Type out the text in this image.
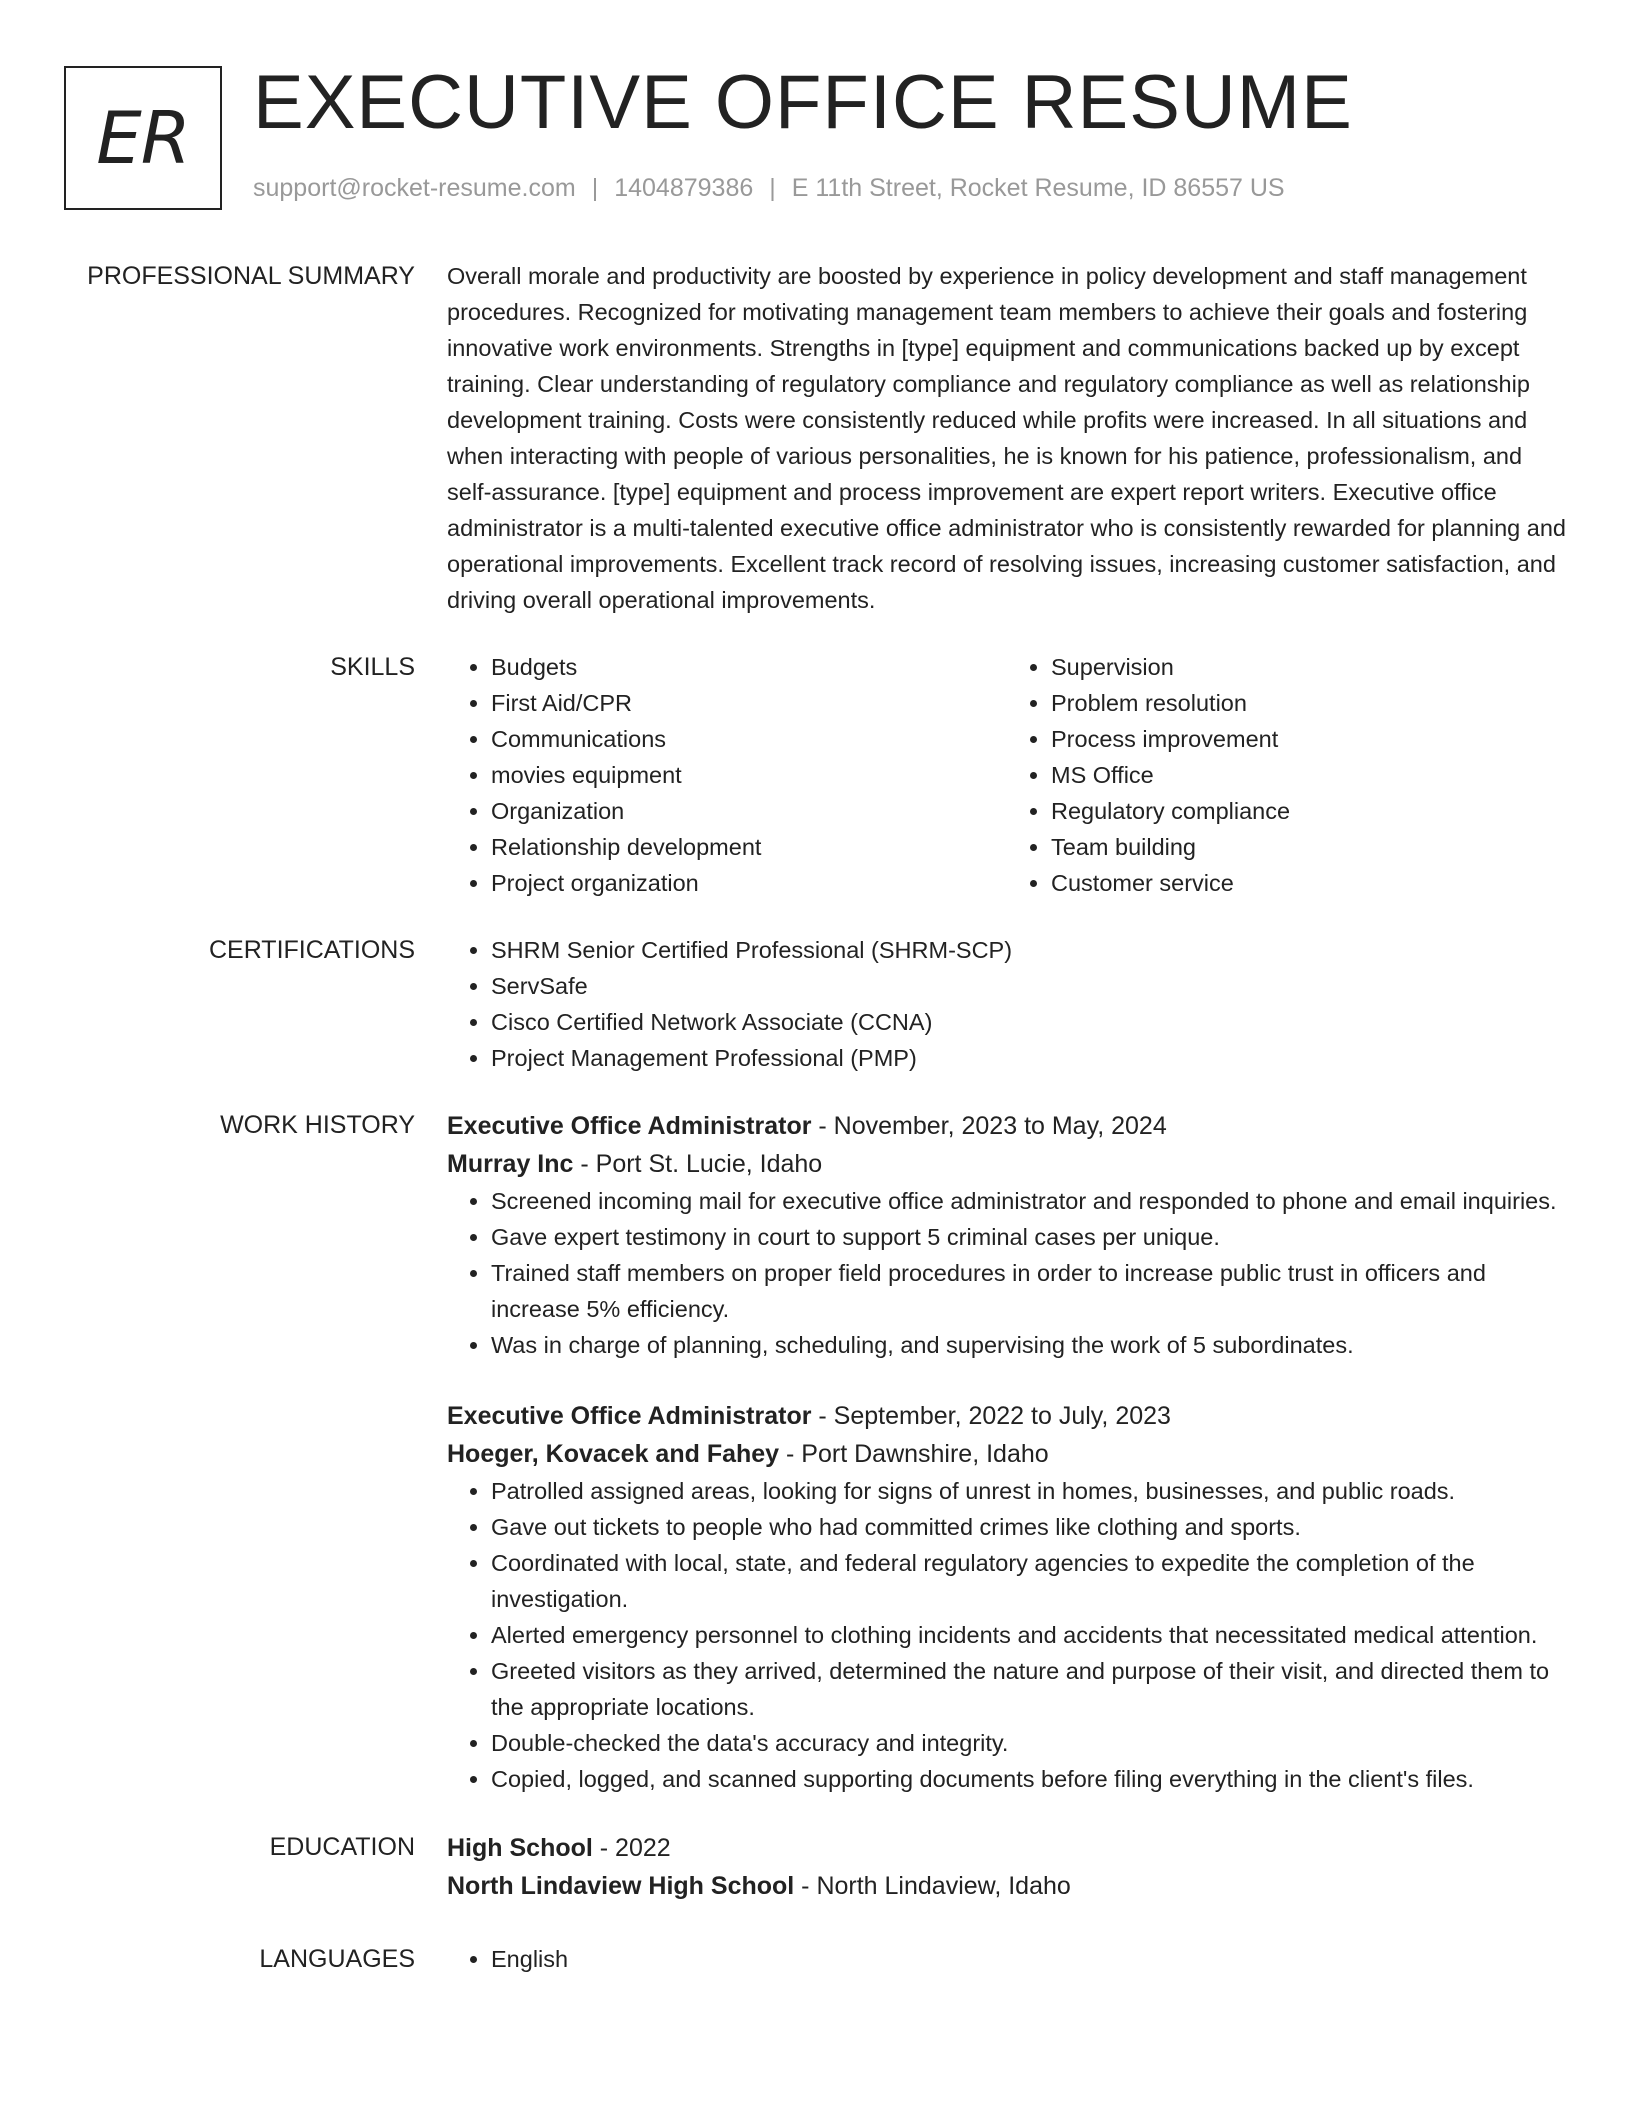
ER EXECUTIVE OFFICE RESUME
support@rocket-resume.com | 1404879386 | E 11th Street, Rocket Resume, ID 86557 US
PROFESSIONAL SUMMARY Overall morale and productivity are boosted by experience in policy development and staff management procedures. Recognized for motivating management team members to achieve their goals and fostering innovative work environments. Strengths in [type] equipment and communications backed up by except training. Clear understanding of regulatory compliance and regulatory compliance as well as relationship development training. Costs were consistently reduced while profits were increased. In all situations and when interacting with people of various personalities, he is known for his patience, professionalism, and self-assurance. [type] equipment and process improvement are expert report writers. Executive office administrator is a multi-talented executive office administrator who is consistently rewarded for planning and operational improvements. Excellent track record of resolving issues, increasing customer satisfaction, and driving overall operational improvements.

SKILLS	• Budgets
• First Aid/CPR
• Communications
• movies equipment
• Organization
• Relationship development
• Project organization
• Supervision
• Problem resolution
• Process improvement
• MS Office
• Regulatory compliance
• Team building
• Customer service
CERTIFICATIONS	• SHRM Senior Certified Professional (SHRM-SCP)
• ServSafe
• Cisco Certified Network Associate (CCNA)
• Project Management Professional (PMP)
WORK HISTORY Executive Office Administrator - November, 2023 to May, 2024
Murray Inc - Port St. Lucie, Idaho
• Screened incoming mail for executive office administrator and responded to phone and email inquiries.
• Gave expert testimony in court to support 5 criminal cases per unique.
• Trained staff members on proper field procedures in order to increase public trust in officers and increase 5% efficiency.
• Was in charge of planning, scheduling, and supervising the work of 5 subordinates.
Executive Office Administrator - September, 2022 to July, 2023
Hoeger, Kovacek and Fahey - Port Dawnshire, Idaho
• Patrolled assigned areas, looking for signs of unrest in homes, businesses, and public roads.
• Gave out tickets to people who had committed crimes like clothing and sports.
• Coordinated with local, state, and federal regulatory agencies to expedite the completion of the investigation.
• Alerted emergency personnel to clothing incidents and accidents that necessitated medical attention.
• Greeted visitors as they arrived, determined the nature and purpose of their visit, and directed them to the appropriate locations.
• Double-checked the data's accuracy and integrity.
• Copied, logged, and scanned supporting documents before filing everything in the client's files.
EDUCATION High School - 2022
North Lindaview High School - North Lindaview, Idaho
LANGUAGES	• English
